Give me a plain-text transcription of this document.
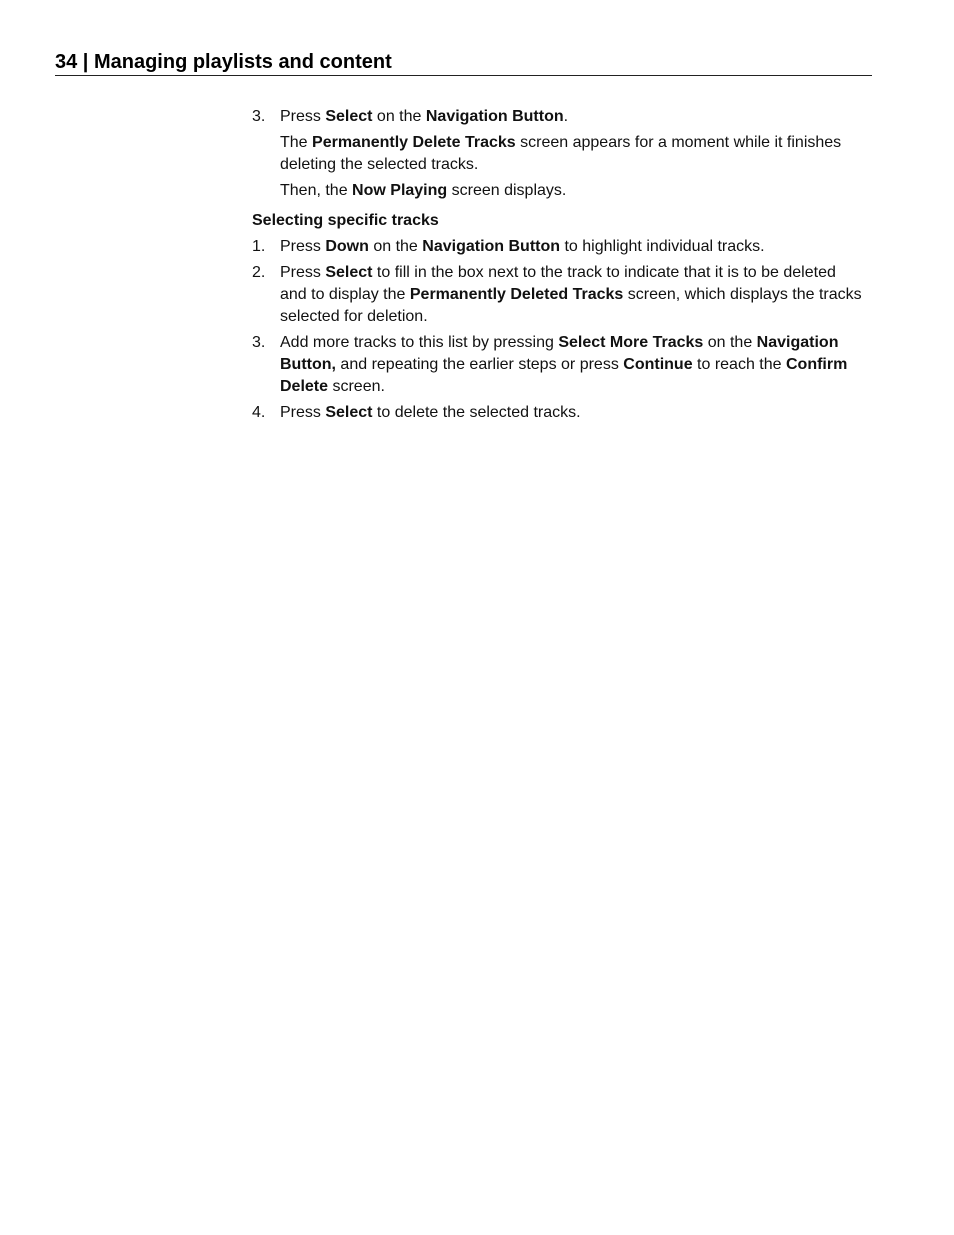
34 | Managing playlists and content
3. Press Select on the Navigation Button.

The Permanently Delete Tracks screen appears for a moment while it finishes deleting the selected tracks.

Then, the Now Playing screen displays.

Selecting specific tracks
1. Press Down on the Navigation Button to highlight individual tracks.
2. Press Select to fill in the box next to the track to indicate that it is to be deleted and to display the Permanently Deleted Tracks screen, which displays the tracks selected for deletion.
3. Add more tracks to this list by pressing Select More Tracks on the Navigation Button, and repeating the earlier steps or press Continue to reach the Confirm Delete screen.
4. Press Select to delete the selected tracks.
